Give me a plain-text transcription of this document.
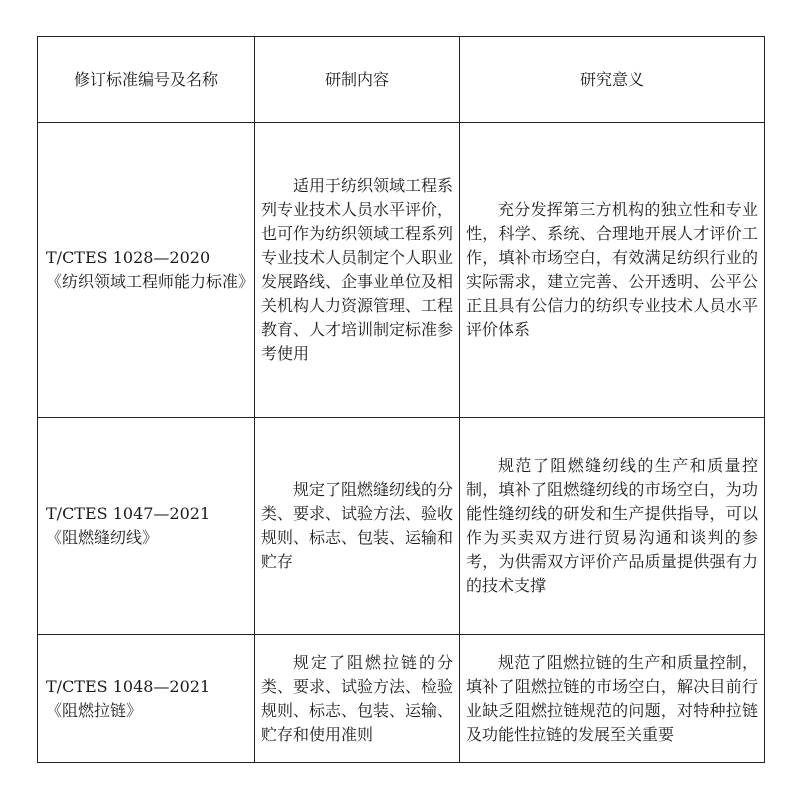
修订标准编号及名称	研制内容	研究意义

T/CTES 1028—2020
《纺织领域工程师能力标准》	适用于纺织领域工程系列专业技术人员水平评价，也可作为纺织领域工程系列专业技术人员制定个人职业发展路线、企事业单位及相关机构人力资源管理、工程教育、人才培训制定标准参考使用	充分发挥第三方机构的独立性和专业性，科学、系统、合理地开展人才评价工作，填补市场空白，有效满足纺织行业的实际需求，建立完善、公开透明、公平公正且具有公信力的纺织专业技术人员水平评价体系

T/CTES 1047—2021
《阻燃缝纫线》	规定了阻燃缝纫线的分类、要求、试验方法、验收规则、标志、包装、运输和贮存	规范了阻燃缝纫线的生产和质量控制，填补了阻燃缝纫线的市场空白，为功能性缝纫线的研发和生产提供指导，可以作为买卖双方进行贸易沟通和谈判的参考，为供需双方评价产品质量提供强有力的技术支撑

T/CTES 1048—2021
《阻燃拉链》	规定了阻燃拉链的分类、要求、试验方法、检验规则、标志、包装、运输、贮存和使用准则	规范了阻燃拉链的生产和质量控制，填补了阻燃拉链的市场空白，解决目前行业缺乏阻燃拉链规范的问题，对特种拉链及功能性拉链的发展至关重要
